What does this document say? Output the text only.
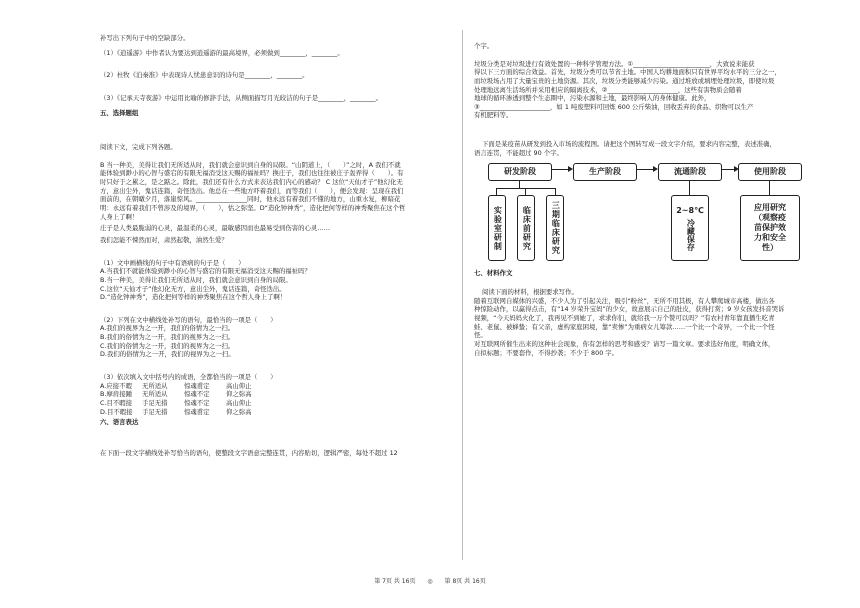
补写出下列句子中的空缺部分。

（1）《逍遥游》中作者认为要达到逍遥游的最高境界，必须做到________，________。

（2）杜牧《泊秦淮》中表现诗人忧患意识的诗句是________，________。

（3）《记承天寺夜游》中运用比喻的修辞手法，从侧面描写月光皎洁的句子是________，________。

五、选择题组

阅读下文，完成下列各题。

B 当一种美，美得让我们无所适从时，我们就会意识到自身的局限。“山阴道上，（　　）”之时，A 我们不就

能体验到渺小的心智与盛宕的有限无福消受这天赐的福祉吗？换庄子，我们也往往被庄子轰弄得（　　）。有

时只好于之累之，是之踮之。除此，我们还有什么方式来表达我们内心的感动？ C 这位“天仙才子”他幻化无

方，意出尘外，鬼话连篇，奇怪迭出。他总在一些地方吓着我们，而等我们（　　），便会发现：呈现在我们

面前的，在朝暾夕月，落崖惊风。________________同时，他永远有着我们不懂的地方，山重水复，柳暗花

明：永远有着我们不曾涉及的境界，（　　），怙之弥坚。D“造化钟神秀”，造化把何等样的神秀聚焦在这个哲

人身上了啊！

庄子是人类最脆弱的心灵，最温柔的心灵，最敏感因而也最易受到伤害的心灵……

我们怎能不悚然而对，肃然起敬，油然生爱？

（1）文中画横线的句子中有语病的句子是（　　）

A.当我们不就能体验到渺小的心智与盛宕的有限无福消受这天赐的福祉吗？

B.当一种美，美得让我们无所适从时，我们就会意识到自身的局限。

C.这位“天仙才子”他幻化无方，意出尘外，鬼话连篇，奇怪迭出。

D.“造化钟神秀”，造化把何等样的神秀聚焦在这个哲人身上了啊！

（2）下列在文中横线处补写的语句，最恰当的一项是（　　）

A.我们的视界为之一开，我们的俗情为之一扫。

B.我们的俗情为之一开，我们的视界为之一扫。

C.我们的俗情为之一开，我们的视界为之一扫。

D.我们的俗情为之一开，我们的视界为之一扫。

（3）依次填入文中括号内的成语，全都恰当的一项是（　　）

A.应接不暇 无所适从	惊魂甫定	高山仰止

B.摩肩接踵 无所适从	惊魂不定	仰之弥高

C.目不暇接 手足无措	惊魂不定	高山仰止

D.目不暇接 手足无措	惊魂甫定	仰之弥高

六、语言表达

在下面一段文字横线处补写恰当的语句，使整段文字语意完整连贯，内容贴切，逻辑严密，每处不超过 12

个字。

垃圾分类是对垃圾进行有效处置的一种科学管理方法。①________________________，大致说来能获

得以下三方面的综合效益。首先，垃圾分类可以节省土地。中国人均耕地面积只有世界平均水平的三分之一，

而垃圾场占用了大量宝贵的土地资源。其次，垃圾分类能够减少污染。通过堆放或填埋处理垃圾，即使垃圾

处理地远离生活场所并采用相应的隔离技术，②______________________，这些有害物质会随着

地球的循环渗透到整个生态圈中，污染水源和土地，最终影响人的身体健康。此外，

③______________________，如 1 吨废塑料可回炼 600 公斤柴油，回收丢弃的食品、织物可以生产

有机肥料等。

下面是某疫苗从研发到投入市场的流程图。请把这个图转写成一段文字介绍，要求内容完整，表述准确，

语言连贯，不能超过 90 个字。

研发阶段	生产阶段	流通阶段	使用阶段
实验室研制	临床前研究	三期临床研究	2~8℃
冷藏保存
应用研究
（观察疫
苗保护效
力和安全
性）

七、材料作文

阅读下面的材料，根据要求写作。

随着互联网自媒体的兴盛，不少人为了引起关注，吸引“粉丝”，无所不用其极，有人攀爬城市高楼，做出各

种惊险动作，以赢得点击，有“14 岁荣升宝妈”的少女，故意展示自己的肚皮，获得打赏；9 岁女孩发抖音哭诉

视频，“今天妈妈火化了，我再见不到她了，求求你们，就给我一万个赞可以吗？”有农村青年靠直播生吃青

蛙、老鼠、被蜂蛰；有父亲，虚构家庭困境，靠“卖惨”为重病女儿筹款……一个比一个奇异，一个比一个怪

怪。

对互联网所催生出来的这种社会现象，你有怎样的思考和感受？请写一篇文章。要求选好角度，明确文体，

自拟标题；不要套作，不得抄袭；不少于 800 字。

第 7页 共 16页 ◎ 第 8页 共 16页
